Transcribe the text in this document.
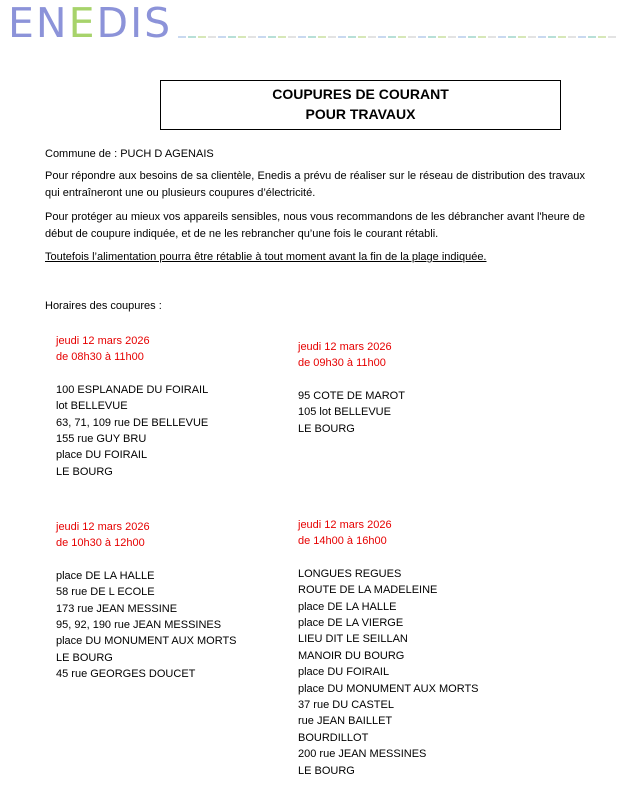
ENEDIS
COUPURES DE COURANT
POUR TRAVAUX
Commune de : PUCH D AGENAIS
Pour répondre aux besoins de sa clientèle, Enedis a prévu de réaliser sur le réseau de distribution des travaux qui entraîneront une ou plusieurs coupures d’électricité.
Pour protéger au mieux vos appareils sensibles, nous vous recommandons de les débrancher avant l'heure de début de coupure indiquée, et de ne les rebrancher qu’une fois le courant rétabli.
Toutefois l’alimentation pourra être rétablie à tout moment avant la fin de la plage indiquée.
Horaires des coupures :
jeudi 12 mars 2026
de 08h30 à 11h00
100 ESPLANADE DU FOIRAIL
lot BELLEVUE
63, 71, 109 rue DE BELLEVUE
155 rue GUY BRU
place DU FOIRAIL
LE BOURG
jeudi 12 mars 2026
de 09h30 à 11h00
95 COTE DE MAROT
105 lot BELLEVUE
LE BOURG
jeudi 12 mars 2026
de 10h30 à 12h00
place DE LA HALLE
58 rue DE L ECOLE
173 rue JEAN MESSINE
95, 92, 190 rue JEAN MESSINES
place DU MONUMENT AUX MORTS
LE BOURG
45 rue GEORGES DOUCET
jeudi 12 mars 2026
de 14h00 à 16h00
LONGUES REGUES
ROUTE DE LA MADELEINE
place DE LA HALLE
place DE LA VIERGE
LIEU DIT LE SEILLAN
MANOIR DU BOURG
place DU FOIRAIL
place DU MONUMENT AUX MORTS
37 rue DU CASTEL
rue JEAN BAILLET
BOURDILLOT
200 rue JEAN MESSINES
LE BOURG
